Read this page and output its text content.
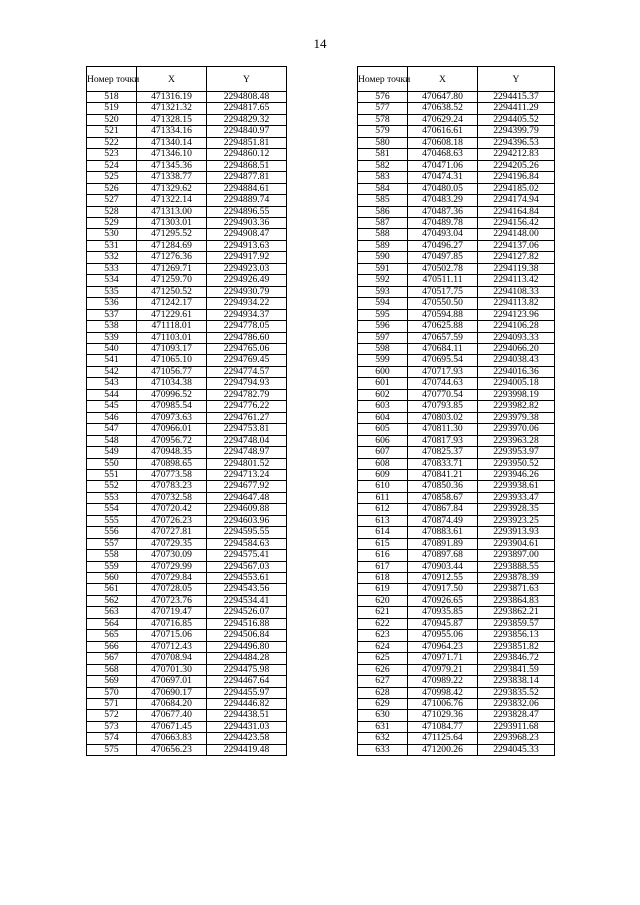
14
Номер точки	X	Y
518	471316.19	2294808.48
519	471321.32	2294817.65
520	471328.15	2294829.32
521	471334.16	2294840.97
522	471340.14	2294851.81
523	471346.10	2294860.12
524	471345.36	2294868.51
525	471338.77	2294877.81
526	471329.62	2294884.61
527	471322.14	2294889.74
528	471313.00	2294896.55
529	471303.01	2294903.36
530	471295.52	2294908.47
531	471284.69	2294913.63
532	471276.36	2294917.92
533	471269.71	2294923.03
534	471259.70	2294926.49
535	471250.52	2294930.79
536	471242.17	2294934.22
537	471229.61	2294934.37
538	471118.01	2294778.05
539	471103.01	2294786.60
540	471093.17	2294765.06
541	471065.10	2294769.45
542	471056.77	2294774.57
543	471034.38	2294794.93
544	470996.52	2294782.79
545	470985.54	2294776.22
546	470973.63	2294761.27
547	470966.01	2294753.81
548	470956.72	2294748.04
549	470948.35	2294748.97
550	470898.65	2294801.52
551	470773.58	2294713.24
552	470783.23	2294677.92
553	470732.58	2294647.48
554	470720.42	2294609.88
555	470726.23	2294603.96
556	470727.81	2294595.55
557	470729.35	2294584.63
558	470730.09	2294575.41
559	470729.99	2294567.03
560	470729.84	2294553.61
561	470728.05	2294543.56
562	470723.76	2294534.41
563	470719.47	2294526.07
564	470716.85	2294516.88
565	470715.06	2294506.84
566	470712.43	2294496.80
567	470708.94	2294484.28
568	470701.30	2294475.98
569	470697.01	2294467.64
570	470690.17	2294455.97
571	470684.20	2294446.82
572	470677.40	2294438.51
573	470671.45	2294431.03
574	470663.83	2294423.58
575	470656.23	2294419.48
Номер точки	X	Y
576	470647.80	2294415.37
577	470638.52	2294411.29
578	470629.24	2294405.52
579	470616.61	2294399.79
580	470608.18	2294396.53
581	470468.63	2294212.83
582	470471.06	2294205.26
583	470474.31	2294196.84
584	470480.05	2294185.02
585	470483.29	2294174.94
586	470487.36	2294164.84
587	470489.78	2294156.42
588	470493.04	2294148.00
589	470496.27	2294137.06
590	470497.85	2294127.82
591	470502.78	2294119.38
592	470511.11	2294113.42
593	470517.75	2294108.33
594	470550.50	2294113.82
595	470594.88	2294123.96
596	470625.88	2294106.28
597	470657.59	2294093.33
598	470684.11	2294066.20
599	470695.54	2294038.43
600	470717.93	2294016.36
601	470744.63	2294005.18
602	470770.54	2293998.19
603	470793.85	2293982.82
604	470803.02	2293979.38
605	470811.30	2293970.06
606	470817.93	2293963.28
607	470825.37	2293953.97
608	470833.71	2293950.52
609	470841.21	2293946.26
610	470850.36	2293938.61
611	470858.67	2293933.47
612	470867.84	2293928.35
613	470874.49	2293923.25
614	470883.61	2293913.93
615	470891.89	2293904.61
616	470897.68	2293897.00
617	470903.44	2293888.55
618	470912.55	2293878.39
619	470917.50	2293871.63
620	470926.65	2293864.83
621	470935.85	2293862.21
622	470945.87	2293859.57
623	470955.06	2293856.13
624	470964.23	2293851.82
625	470971.71	2293846.72
626	470979.21	2293841.59
627	470989.22	2293838.14
628	470998.42	2293835.52
629	471006.76	2293832.06
630	471029.36	2293828.47
631	471084.77	2293911.68
632	471125.64	2293968.23
633	471200.26	2294045.33
